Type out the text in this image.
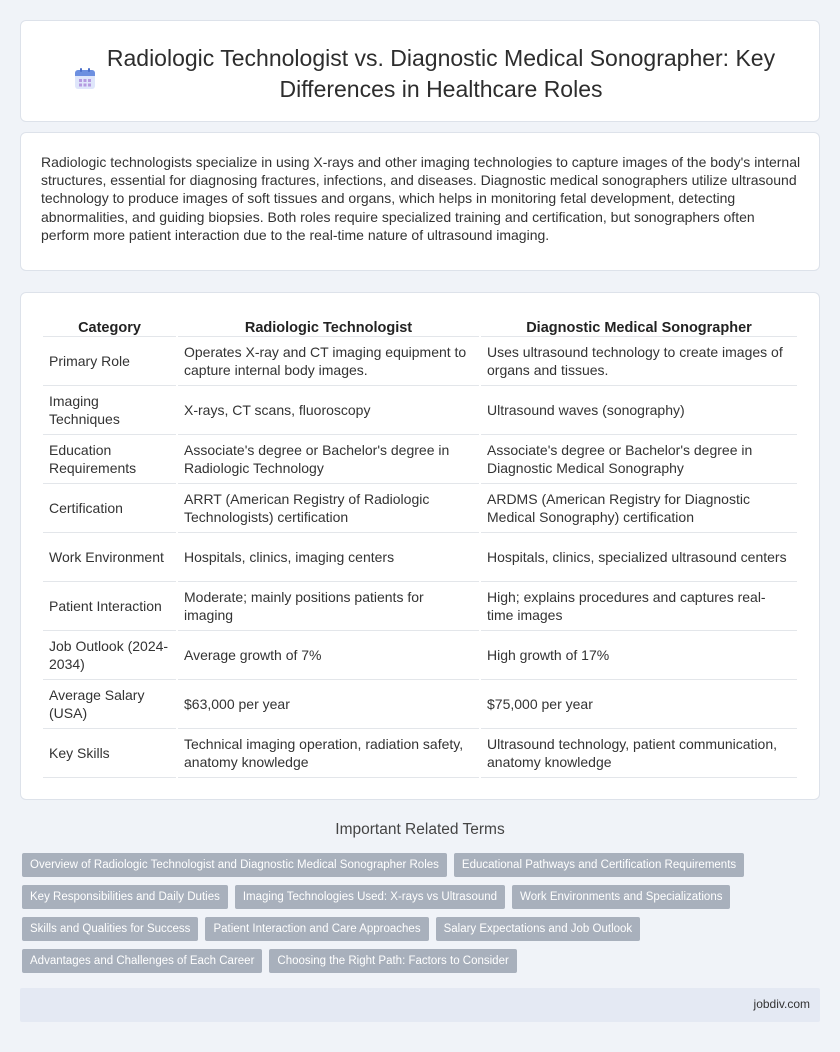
Radiologic Technologist vs. Diagnostic Medical Sonographer: Key Differences in Healthcare Roles

Radiologic technologists specialize in using X-rays and other imaging technologies to capture images of the body's internal structures, essential for diagnosing fractures, infections, and diseases. Diagnostic medical sonographers utilize ultrasound technology to produce images of soft tissues and organs, which helps in monitoring fetal development, detecting abnormalities, and guiding biopsies. Both roles require specialized training and certification, but sonographers often perform more patient interaction due to the real-time nature of ultrasound imaging.

Category	Radiologic Technologist	Diagnostic Medical Sonographer
Primary Role	Operates X-ray and CT imaging equipment to capture internal body images.	Uses ultrasound technology to create images of organs and tissues.
Imaging Techniques	X-rays, CT scans, fluoroscopy	Ultrasound waves (sonography)
Education Requirements	Associate's degree or Bachelor's degree in Radiologic Technology	Associate's degree or Bachelor's degree in Diagnostic Medical Sonography
Certification	ARRT (American Registry of Radiologic Technologists) certification	ARDMS (American Registry for Diagnostic Medical Sonography) certification
Work Environment	Hospitals, clinics, imaging centers	Hospitals, clinics, specialized ultrasound centers
Patient Interaction	Moderate; mainly positions patients for imaging	High; explains procedures and captures real-time images
Job Outlook (2024-2034)	Average growth of 7%	High growth of 17%
Average Salary (USA)	$63,000 per year	$75,000 per year
Key Skills	Technical imaging operation, radiation safety, anatomy knowledge	Ultrasound technology, patient communication, anatomy knowledge
Important Related Terms
Overview of Radiologic Technologist and Diagnostic Medical Sonographer Roles	Educational Pathways and Certification Requirements
Key Responsibilities and Daily Duties	Imaging Technologies Used: X-rays vs Ultrasound	Work Environments and Specializations
Skills and Qualities for Success	Patient Interaction and Care Approaches	Salary Expectations and Job Outlook
Advantages and Challenges of Each Career	Choosing the Right Path: Factors to Consider
jobdiv.com
